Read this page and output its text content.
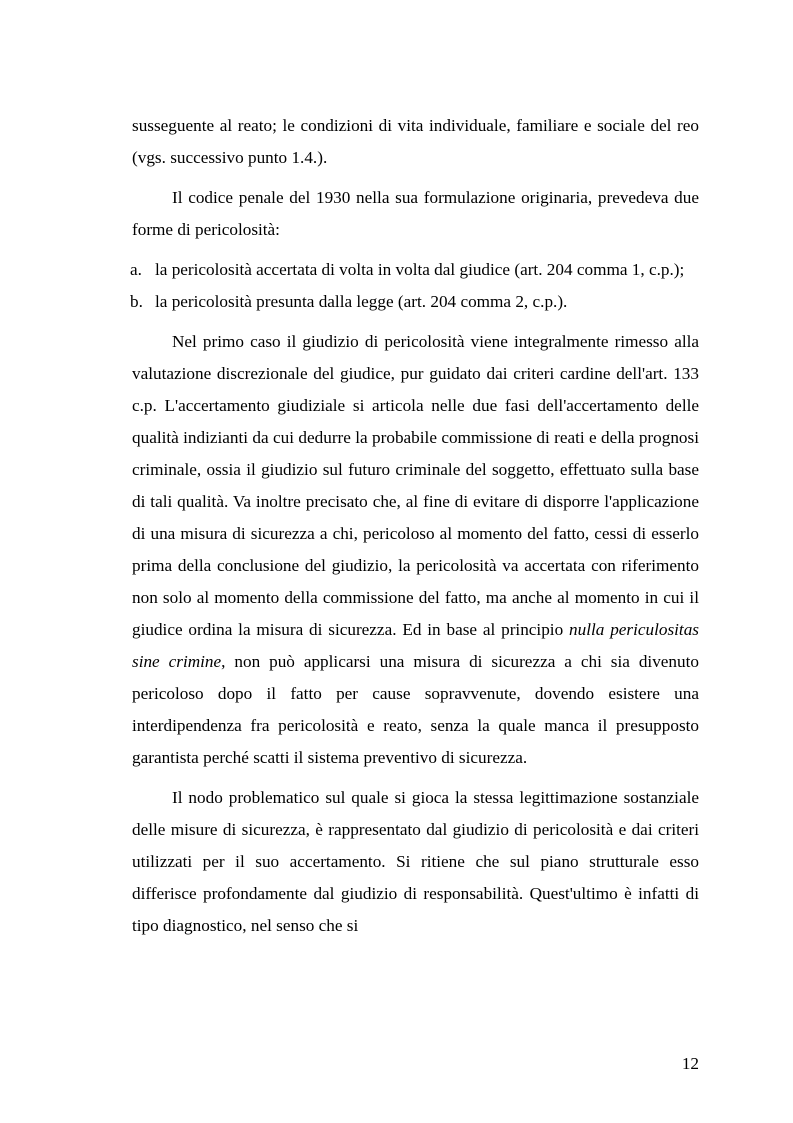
susseguente al reato; le condizioni di vita individuale, familiare e sociale del reo (vgs. successivo punto 1.4.).

Il codice penale del 1930 nella sua formulazione originaria, prevedeva due forme di pericolosità:

a. la pericolosità accertata di volta in volta dal giudice (art. 204 comma 1, c.p.);
b. la pericolosità presunta dalla legge (art. 204 comma 2, c.p.).

Nel primo caso il giudizio di pericolosità viene integralmente rimesso alla valutazione discrezionale del giudice, pur guidato dai criteri cardine dell'art. 133 c.p. L'accertamento giudiziale si articola nelle due fasi dell'accertamento delle qualità indizianti da cui dedurre la probabile commissione di reati e della prognosi criminale, ossia il giudizio sul futuro criminale del soggetto, effettuato sulla base di tali qualità. Va inoltre precisato che, al fine di evitare di disporre l'applicazione di una misura di sicurezza a chi, pericoloso al momento del fatto, cessi di esserlo prima della conclusione del giudizio, la pericolosità va accertata con riferimento non solo al momento della commissione del fatto, ma anche al momento in cui il giudice ordina la misura di sicurezza. Ed in base al principio nulla periculositas sine crimine, non può applicarsi una misura di sicurezza a chi sia divenuto pericoloso dopo il fatto per cause sopravvenute, dovendo esistere una interdipendenza fra pericolosità e reato, senza la quale manca il presupposto garantista perché scatti il sistema preventivo di sicurezza.

Il nodo problematico sul quale si gioca la stessa legittimazione sostanziale delle misure di sicurezza, è rappresentato dal giudizio di pericolosità e dai criteri utilizzati per il suo accertamento. Si ritiene che sul piano strutturale esso differisce profondamente dal giudizio di responsabilità. Quest'ultimo è infatti di tipo diagnostico, nel senso che si

12
